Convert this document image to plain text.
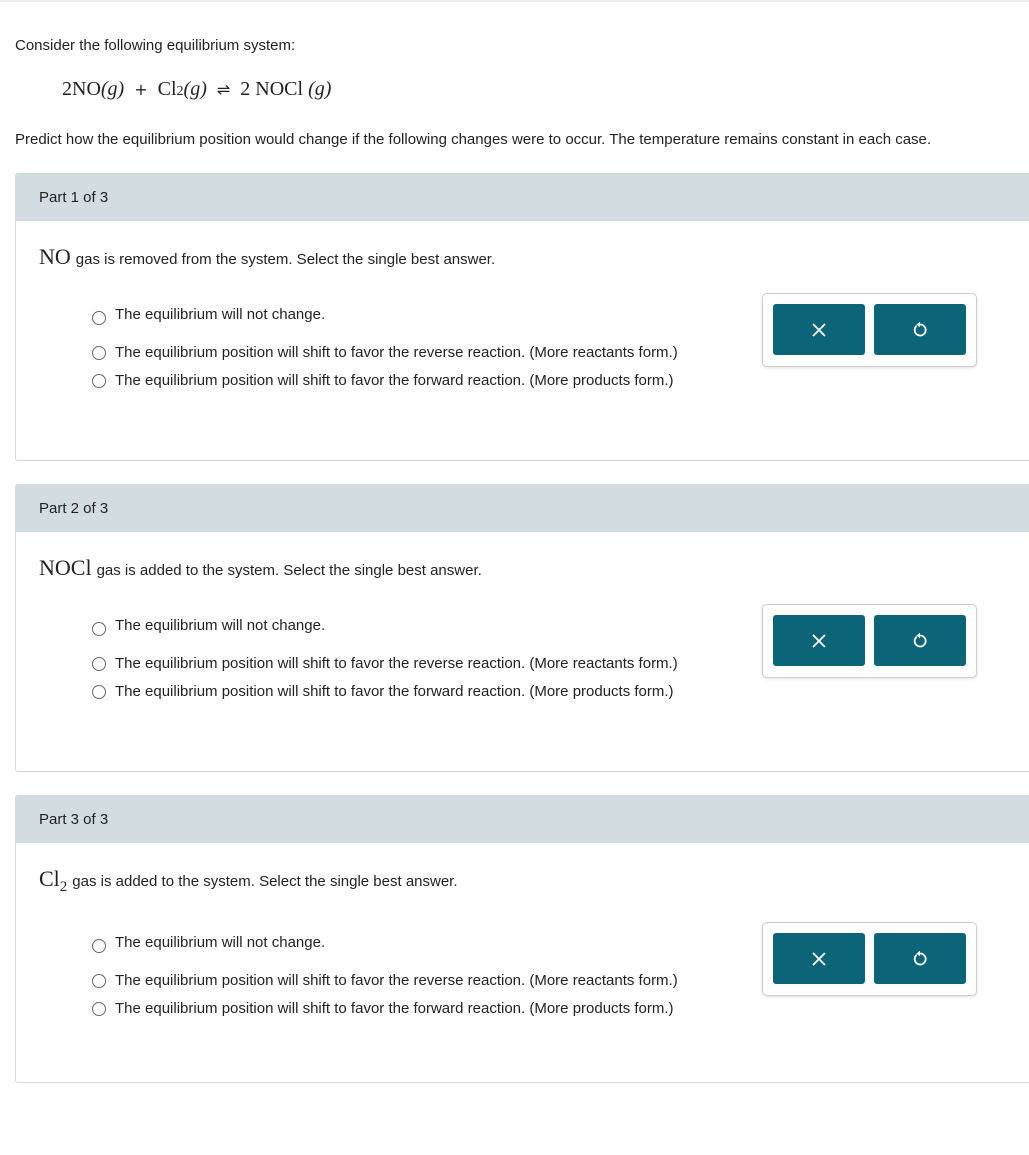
Consider the following equilibrium system:
2NO (g) + Cl 2 (g) ⇌ 2 NOCl (g)
Predict how the equilibrium position would change if the following changes were to occur. The temperature remains constant in each case.
Part 1 of 3
NO gas is removed from the system. Select the single best answer.
The equilibrium will not change.
The equilibrium position will shift to favor the reverse reaction. (More reactants form.)
The equilibrium position will shift to favor the forward reaction. (More products form.)
Part 2 of 3
NOCl gas is added to the system. Select the single best answer.
The equilibrium will not change.
The equilibrium position will shift to favor the reverse reaction. (More reactants form.)
The equilibrium position will shift to favor the forward reaction. (More products form.)
Part 3 of 3
$Cl_2$ gas is added to the system. Select the single best answer.
The equilibrium will not change.
The equilibrium position will shift to favor the reverse reaction. (More reactants form.)
The equilibrium position will shift to favor the forward reaction. (More products form.)
